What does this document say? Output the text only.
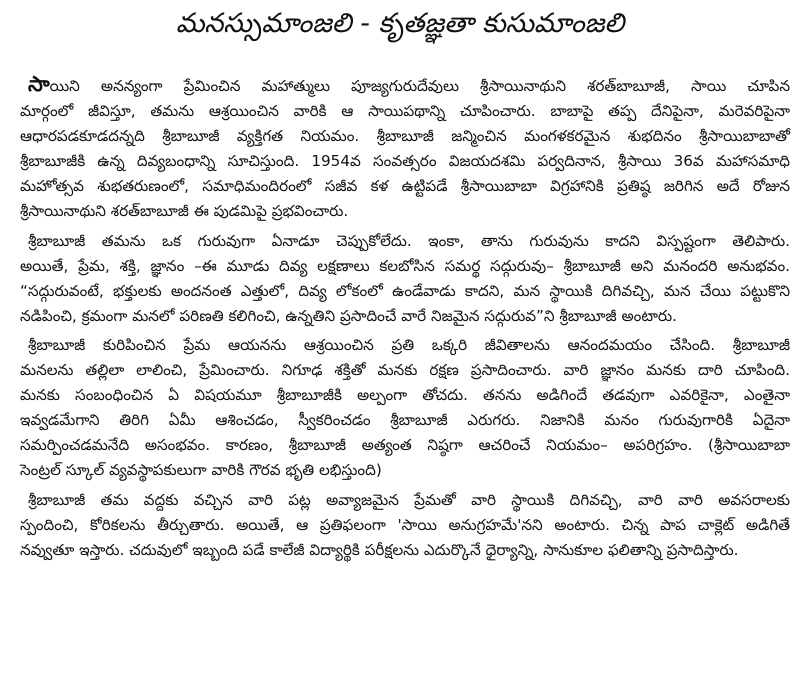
మనస్సుమాంజలి - కృతజ్ఞతా కుసుమాంజలి

సాయిని అనన్యంగా ప్రేమించిన మహాత్ములు పూజ్యగురుదేవులు శ్రీసాయినాథుని శరత్‌బాబూజీ, సాయి చూపిన
మార్గంలో జీవిస్తూ, తమను ఆశ్రయించిన వారికి ఆ సాయిపథాన్ని చూపించారు. బాబాపై తప్ప దేనిపైనా, మరెవరిపైనా
ఆధారపడకూడదన్నది శ్రీబాబూజీ వ్యక్తిగత నియమం. శ్రీబాబూజీ జన్మించిన మంగళకరమైన శుభదినం శ్రీసాయిబాబాతో
శ్రీబాబూజీకి ఉన్న దివ్యబంధాన్ని సూచిస్తుంది. 1954వ సంవత్సరం విజయదశమి పర్వదినాన, శ్రీసాయి 36వ మహాసమాధి
మహోత్సవ శుభతరుణంలో, సమాధిమందిరంలో సజీవ కళ ఉట్టిపడే శ్రీసాయిబాబా విగ్రహానికి ప్రతిష్ఠ జరిగిన అదే రోజున
శ్రీసాయినాథుని శరత్‌బాబూజీ ఈ పుడమిపై ప్రభవించారు.

శ్రీబాబూజీ తమను ఒక గురువుగా ఏనాడూ చెప్పుకోలేదు. ఇంకా, తాను గురువును కాదని విస్పష్టంగా తెలిపారు.
అయితే, ప్రేమ, శక్తి, జ్ఞానం –ఈ మూడు దివ్య లక్షణాలు కలబోసిన సమర్థ సద్గురువు– శ్రీబాబూజీ అని మనందరి అనుభవం.
“సద్గురువంటే, భక్తులకు అందనంత ఎత్తులో, దివ్య లోకంలో ఉండేవాడు కాదని, మన స్థాయికి దిగివచ్చి, మన చేయి పట్టుకొని
నడిపించి, క్రమంగా మనలో పరిణతి కలిగించి, ఉన్నతిని ప్రసాదించే వారే నిజమైన సద్గురువ”ని శ్రీబాబూజీ అంటారు.

శ్రీబాబూజీ కురిపించిన ప్రేమ ఆయనను ఆశ్రయించిన ప్రతి ఒక్కరి జీవితాలను ఆనందమయం చేసింది. శ్రీబాబూజీ
మనలను తల్లిలా లాలించి, ప్రేమించారు. నిగూఢ శక్తితో మనకు రక్షణ ప్రసాదించారు. వారి జ్ఞానం మనకు దారి చూపింది.
మనకు సంబంధించిన ఏ విషయమూ శ్రీబాబూజీకి అల్పంగా తోచదు. తనను అడిగిందే తడవుగా ఎవరికైనా, ఎంతైనా
ఇవ్వడమేగాని తిరిగి ఏమీ ఆశించడం, స్వీకరించడం శ్రీబాబూజీ ఎరుగరు. నిజానికి మనం గురువుగారికి ఏదైనా
సమర్పించడమనేది అసంభవం. కారణం, శ్రీబాబూజీ అత్యంత నిష్ఠగా ఆచరించే నియమం– అపరిగ్రహం. (శ్రీసాయిబాబా
సెంట్రల్ స్కూల్ వ్యవస్థాపకులుగా వారికి గౌరవ భృతి లభిస్తుంది)

శ్రీబాబూజీ తమ వద్దకు వచ్చిన వారి పట్ల అవ్యాజమైన ప్రేమతో వారి స్థాయికి దిగివచ్చి, వారి వారి అవసరాలకు
స్పందించి, కోరికలను తీర్చుతారు. అయితే, ఆ ప్రతిఫలంగా 'సాయి అనుగ్రహమే'నని అంటారు. చిన్న పాప చాక్లెట్ అడిగితే
నవ్వుతూ ఇస్తారు. చదువులో ఇబ్బంది పడే కాలేజీ విద్యార్థికి పరీక్షలను ఎదుర్కొనే ధైర్యాన్ని, సానుకూల ఫలితాన్ని ప్రసాదిస్తారు.
